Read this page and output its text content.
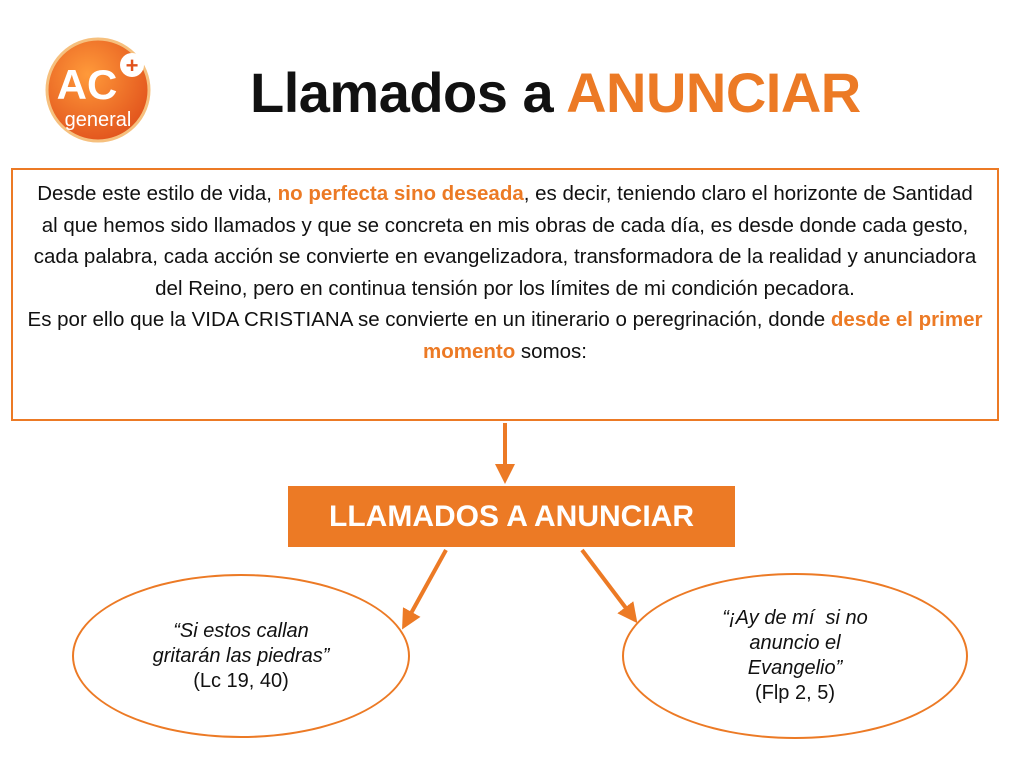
AC +
general Llamados a ANUNCIAR
Desde este estilo de vida, no perfecta sino deseada, es decir, teniendo claro el horizonte de Santidad al que hemos sido llamados y que se concreta en mis obras de cada día, es desde donde cada gesto, cada palabra, cada acción se convierte en evangelizadora, transformadora de la realidad y anunciadora del Reino, pero en continua tensión por los límites de mi condición pecadora.
Es por ello que la VIDA CRISTIANA se convierte en un itinerario o peregrinación, donde desde el primer momento somos:
LLAMADOS A ANUNCIAR
“Si estos callan
gritarán las piedras”
(Lc 19, 40)
“¡Ay de mí  si no
anuncio el
Evangelio”
(Flp 2, 5)
